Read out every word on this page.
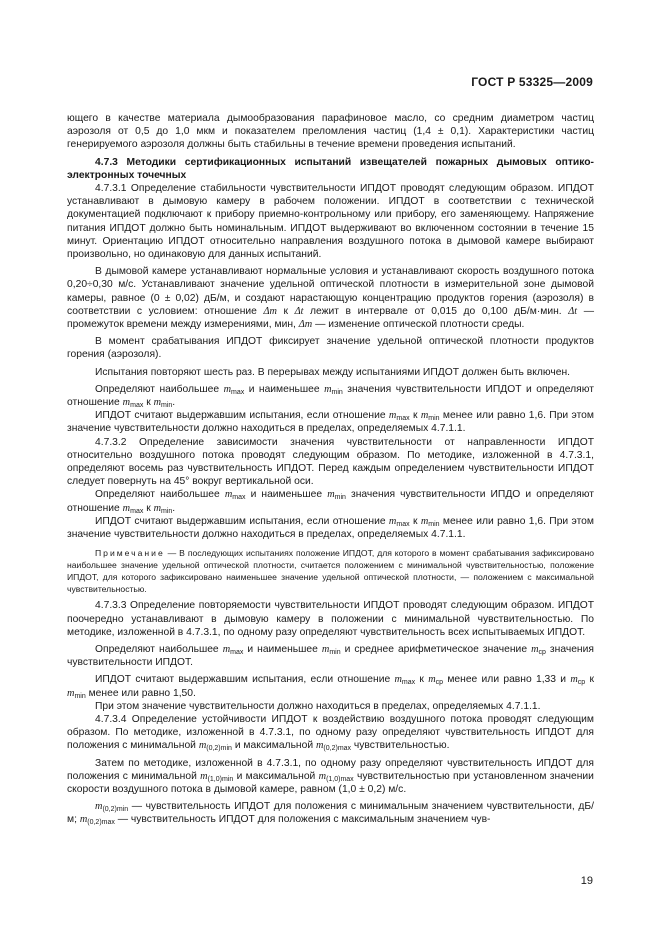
ГОСТ Р 53325—2009

ющего в качестве материала дымообразования парафиновое масло, со средним диаметром частиц аэрозоля от 0,5 до 1,0 мкм и показателем преломления частиц (1,4 ± 0,1). Характеристики частиц генерируемого аэрозоля должны быть стабильны в течение времени проведения испытаний.

4.7.3 Методики сертификационных испытаний извещателей пожарных дымовых оптико-электронных точечных

4.7.3.1 Определение стабильности чувствительности ИПДОТ проводят следующим образом. ИПДОТ устанавливают в дымовую камеру в рабочем положении. ИПДОТ в соответствии с технической документацией подключают к прибору приемно-контрольному или прибору, его заменяющему. Напряжение питания ИПДОТ должно быть номинальным. ИПДОТ выдерживают во включенном состоянии в течение 15 минут. Ориентацию ИПДОТ относительно направления воздушного потока в дымовой камере выбирают произвольно, но одинаковую для данных испытаний.

В дымовой камере устанавливают нормальные условия и устанавливают скорость воздушного потока 0,20÷0,30 м/с. Устанавливают значение удельной оптической плотности в измерительной зоне дымовой камеры, равное (0 ± 0,02) дБ/м, и создают нарастающую концентрацию продуктов горения (аэрозоля) в соответствии с условием: отношение Δm к Δt лежит в интервале от 0,015 до 0,100 дБ/м·мин. Δt — промежуток времени между измерениями, мин, Δm — изменение оптической плотности среды.

В момент срабатывания ИПДОТ фиксирует значение удельной оптической плотности продуктов горения (аэрозоля).

Испытания повторяют шесть раз. В перерывах между испытаниями ИПДОТ должен быть включен.

Определяют наибольшее $m_{max}$ и наименьшее $m_{min}$ значения чувствительности ИПДОТ и определяют отношение $m_{max}$ к $m_{min}$.

ИПДОТ считают выдержавшим испытания, если отношение $m_{max}$ к $m_{min}$ менее или равно 1,6. При этом значение чувствительности должно находиться в пределах, определяемых 4.7.1.1.

4.7.3.2 Определение зависимости значения чувствительности от направленности ИПДОТ относительно воздушного потока проводят следующим образом. По методике, изложенной в 4.7.3.1, определяют восемь раз чувствительность ИПДОТ. Перед каждым определением чувствительности ИПДОТ следует повернуть на 45° вокруг вертикальной оси.

Определяют наибольшее $m_{max}$ и наименьшее $m_{min}$ значения чувствительности ИПДО и определяют отношение $m_{max}$ к $m_{min}$.

ИПДОТ считают выдержавшим испытания, если отношение $m_{max}$ к $m_{min}$ менее или равно 1,6. При этом значение чувствительности должно находиться в пределах, определяемых 4.7.1.1.

Примечание — В последующих испытаниях положение ИПДОТ, для которого в момент срабатывания зафиксировано наибольшее значение удельной оптической плотности, считается положением с минимальной чувствительностью, положение ИПДОТ, для которого зафиксировано наименьшее значение удельной оптической плотности, — положением с максимальной чувствительностью.

4.7.3.3 Определение повторяемости чувствительности ИПДОТ проводят следующим образом. ИПДОТ поочередно устанавливают в дымовую камеру в положении с минимальной чувствительностью. По методике, изложенной в 4.7.3.1, по одному разу определяют чувствительность всех испытываемых ИПДОТ.

Определяют наибольшее $m_{max}$ и наименьшее $m_{min}$ и среднее арифметическое значение $m_{ср}$ значения чувствительности ИПДОТ.

ИПДОТ считают выдержавшим испытания, если отношение $m_{max}$ к $m_{ср}$ менее или равно 1,33 и $m_{ср}$ к $m_{min}$ менее или равно 1,50.

При этом значение чувствительности должно находиться в пределах, определяемых 4.7.1.1.

4.7.3.4 Определение устойчивости ИПДОТ к воздействию воздушного потока проводят следующим образом. По методике, изложенной в 4.7.3.1, по одному разу определяют чувствительность ИПДОТ для положения с минимальной $m_{(0,2)min}$ и максимальной $m_{(0,2)max}$ чувствительностью.

Затем по методике, изложенной в 4.7.3.1, по одному разу определяют чувствительность ИПДОТ для положения с минимальной $m_{(1,0)min}$ и максимальной $m_{(1,0)max}$ чувствительностью при установленном значении скорости воздушного потока в дымовой камере, равном (1,0 ± 0,2) м/с.

$m_{(0,2)min}$ — чувствительность ИПДОТ для положения с минимальным значением чувствительности, дБ/м; $m_{(0,2)max}$ — чувствительность ИПДОТ для положения с максимальным значением чув-

19
